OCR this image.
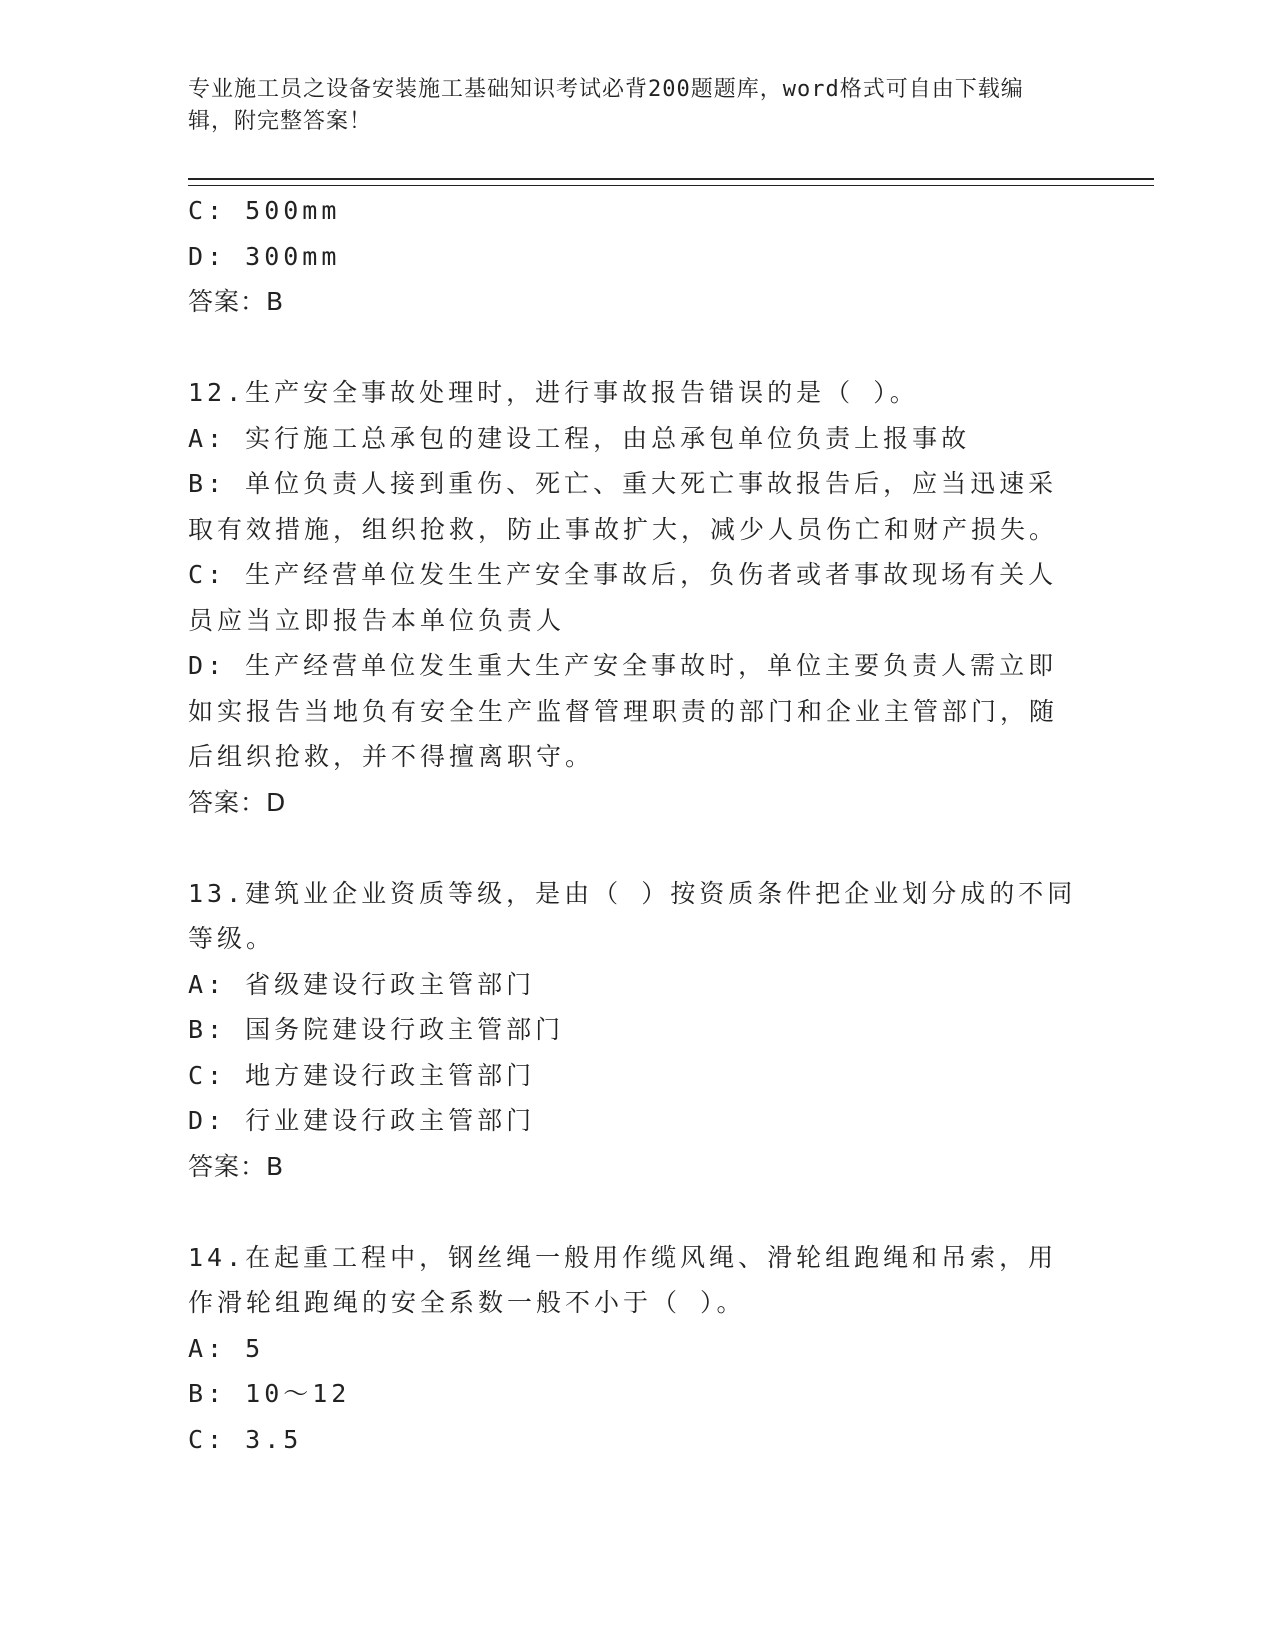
专业施工员之设备安装施工基础知识考试必背200题题库，word格式可自由下载编辑，附完整答案！
C: 500mm
D: 300mm
答案：B
12.生产安全事故处理时，进行事故报告错误的是（ ）。
A: 实行施工总承包的建设工程，由总承包单位负责上报事故
B: 单位负责人接到重伤、死亡、重大死亡事故报告后，应当迅速采取有效措施，组织抢救，防止事故扩大，减少人员伤亡和财产损失。
C: 生产经营单位发生生产安全事故后，负伤者或者事故现场有关人员应当立即报告本单位负责人
D: 生产经营单位发生重大生产安全事故时，单位主要负责人需立即如实报告当地负有安全生产监督管理职责的部门和企业主管部门，随后组织抢救，并不得擅离职守。
答案：D
13.建筑业企业资质等级，是由（ ）按资质条件把企业划分成的不同等级。
A: 省级建设行政主管部门
B: 国务院建设行政主管部门
C: 地方建设行政主管部门
D: 行业建设行政主管部门
答案：B
14.在起重工程中，钢丝绳一般用作缆风绳、滑轮组跑绳和吊索，用作滑轮组跑绳的安全系数一般不小于（ ）。
A: 5
B: 10～12
C: 3.5
